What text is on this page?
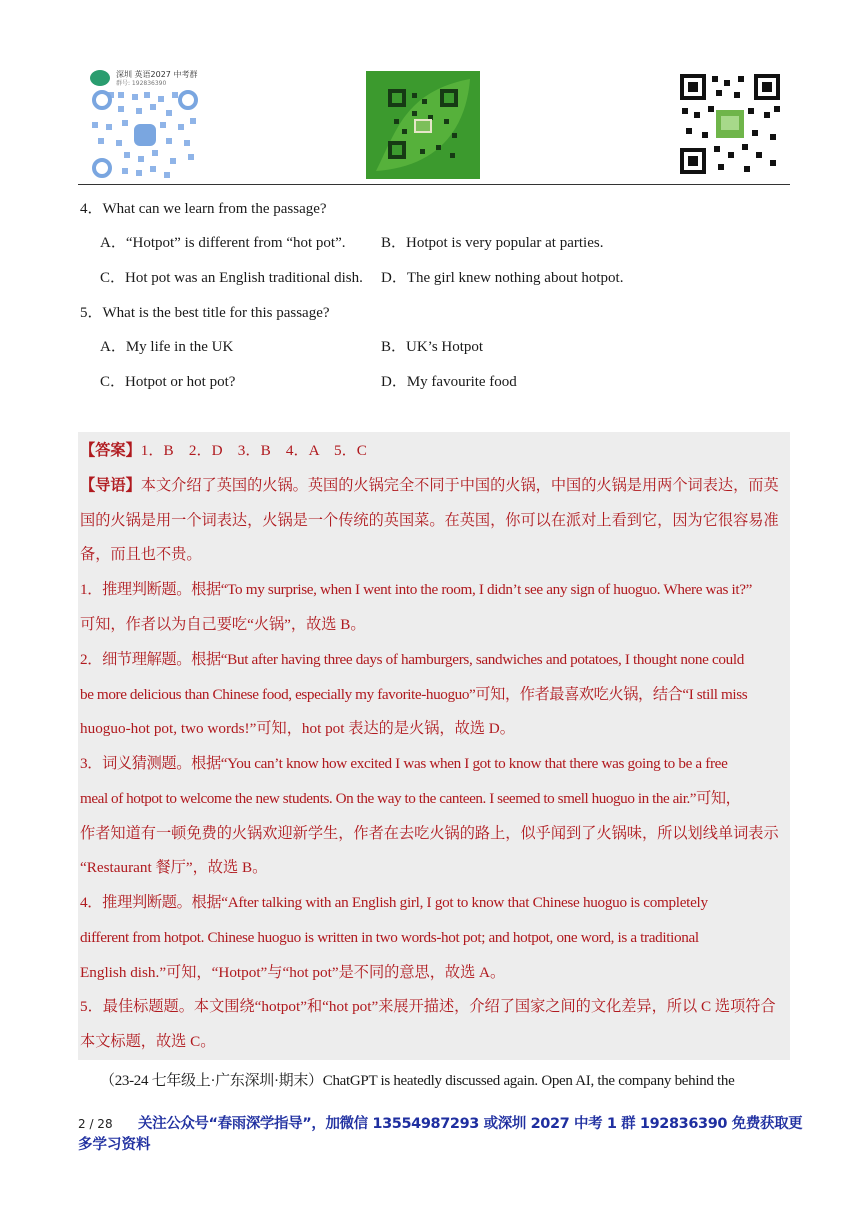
深圳 英语2027 中考群
群号: 192836390
4．What can we learn from the passage?
A．“Hotpot” is different from “hot pot”. B．Hotpot is very popular at parties.
C．Hot pot was an English traditional dish. D．The girl knew nothing about hotpot.
5．What is the best title for this passage?
A．My life in the UK	B．UK’s Hotpot
C．Hotpot or hot pot?	D．My favourite food
【答案】1．B　2．D　3．B　4．A　5．C
【导语】本文介绍了英国的火锅。英国的火锅完全不同于中国的火锅，中国的火锅是用两个词表达，而英
国的火锅是用一个词表达，火锅是一个传统的英国菜。在英国，你可以在派对上看到它，因为它很容易准
备，而且也不贵。
1．推理判断题。根据“To my surprise, when I went into the room, I didn’t see any sign of huoguo. Where was it?”
可知，作者以为自己要吃“火锅”，故选 B。
2．细节理解题。根据“But after having three days of hamburgers, sandwiches and potatoes, I thought none could
be more delicious than Chinese food, especially my favorite-huoguo”可知，作者最喜欢吃火锅，结合“I still miss
huoguo-hot pot, two words!”可知，hot pot 表达的是火锅，故选 D。
3．词义猜测题。根据“You can’t know how excited I was when I got to know that there was going to be a free
meal of hotpot to welcome the new students. On the way to the canteen. I seemed to smell huoguo in the air.”可知，
作者知道有一顿免费的火锅欢迎新学生，作者在去吃火锅的路上，似乎闻到了火锅味，所以划线单词表示
“Restaurant 餐厅”，故选 B。
4．推理判断题。根据“After talking with an English girl, I got to know that Chinese huoguo is completely
different from hotpot. Chinese huoguo is written in two words-hot pot; and hotpot, one word, is a traditional
English dish.”可知，“Hotpot”与“hot pot”是不同的意思，故选 A。
5．最佳标题题。本文围绕“hotpot”和“hot pot”来展开描述，介绍了国家之间的文化差异，所以 C 选项符合
本文标题，故选 C。
（23-24 七年级上·广东深圳·期末）ChatGPT is heatedly discussed again. Open AI, the company behind the
2 / 28 关注公众号“春雨深学指导”，加微信 13554987293 或深圳 2027 中考 1 群 192836390 免费获取更
多学习资料
